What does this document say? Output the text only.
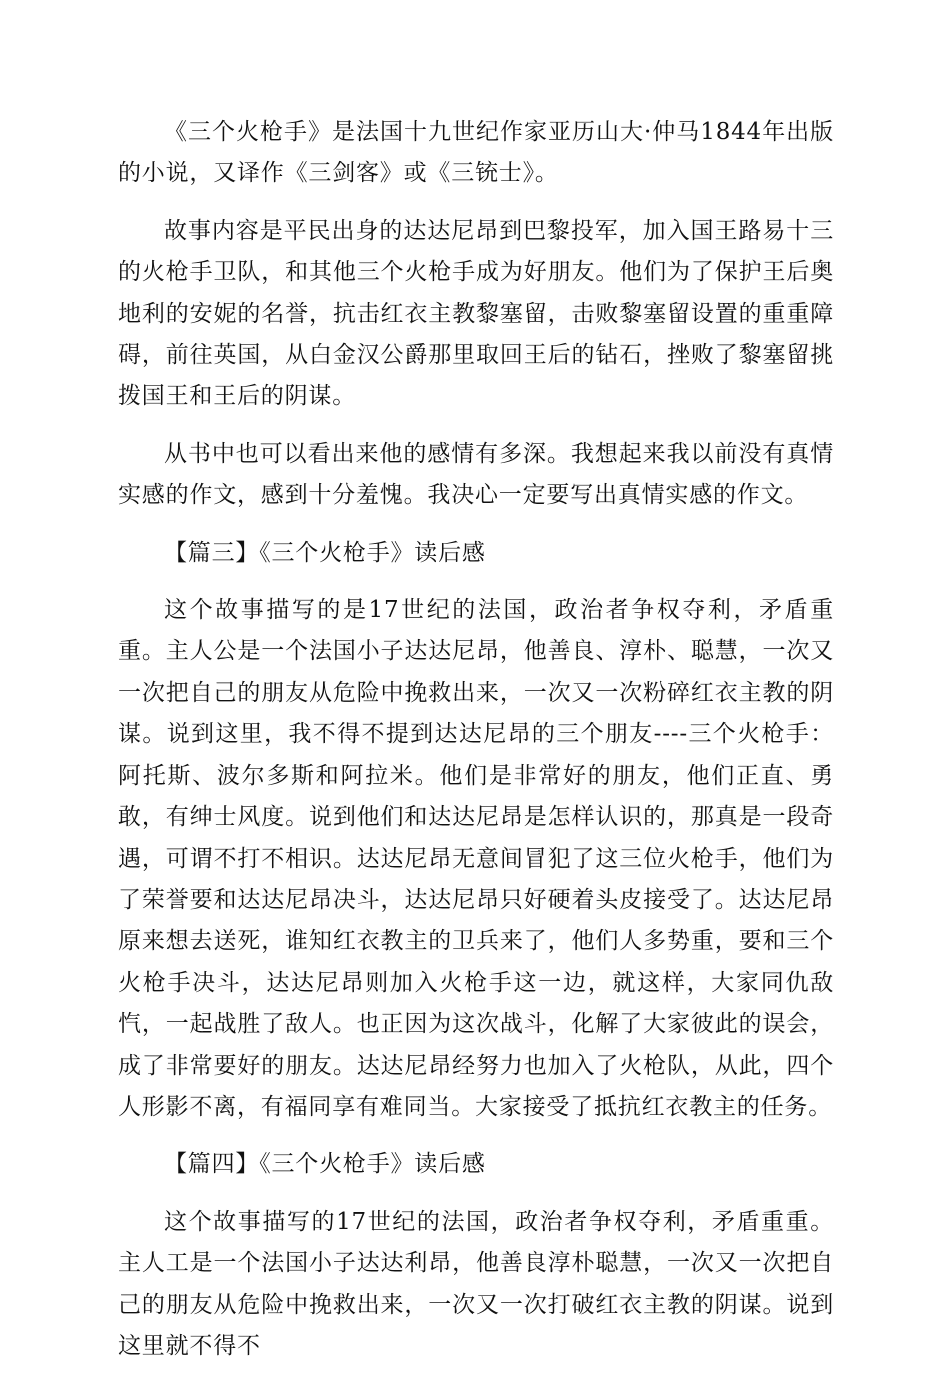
《三个火枪手》是法国十九世纪作家亚历山大·仲马1844年出版的小说，又译作《三剑客》或《三铳士》。

故事内容是平民出身的达达尼昂到巴黎投军，加入国王路易十三的火枪手卫队，和其他三个火枪手成为好朋友。他们为了保护王后奥地利的安妮的名誉，抗击红衣主教黎塞留，击败黎塞留设置的重重障碍，前往英国，从白金汉公爵那里取回王后的钻石，挫败了黎塞留挑拨国王和王后的阴谋。

从书中也可以看出来他的感情有多深。我想起来我以前没有真情实感的作文，感到十分羞愧。我决心一定要写出真情实感的作文。

【篇三】《三个火枪手》读后感

这个故事描写的是17世纪的法国，政治者争权夺利，矛盾重重。主人公是一个法国小子达达尼昂，他善良、淳朴、聪慧，一次又一次把自己的朋友从危险中挽救出来，一次又一次粉碎红衣主教的阴谋。说到这里，我不得不提到达达尼昂的三个朋友----三个火枪手：阿托斯、波尔多斯和阿拉米。他们是非常好的朋友，他们正直、勇敢，有绅士风度。说到他们和达达尼昂是怎样认识的，那真是一段奇遇，可谓不打不相识。达达尼昂无意间冒犯了这三位火枪手，他们为了荣誉要和达达尼昂决斗，达达尼昂只好硬着头皮接受了。达达尼昂原来想去送死，谁知红衣教主的卫兵来了，他们人多势重，要和三个火枪手决斗，达达尼昂则加入火枪手这一边，就这样，大家同仇敌忾，一起战胜了敌人。也正因为这次战斗，化解了大家彼此的误会，成了非常要好的朋友。达达尼昂经努力也加入了火枪队，从此，四个人形影不离，有福同享有难同当。大家接受了抵抗红衣教主的任务。

【篇四】《三个火枪手》读后感

这个故事描写的17世纪的法国，政治者争权夺利，矛盾重重。主人工是一个法国小子达达利昂，他善良淳朴聪慧，一次又一次把自己的朋友从危险中挽救出来，一次又一次打破红衣主教的阴谋。说到这里就不得不
